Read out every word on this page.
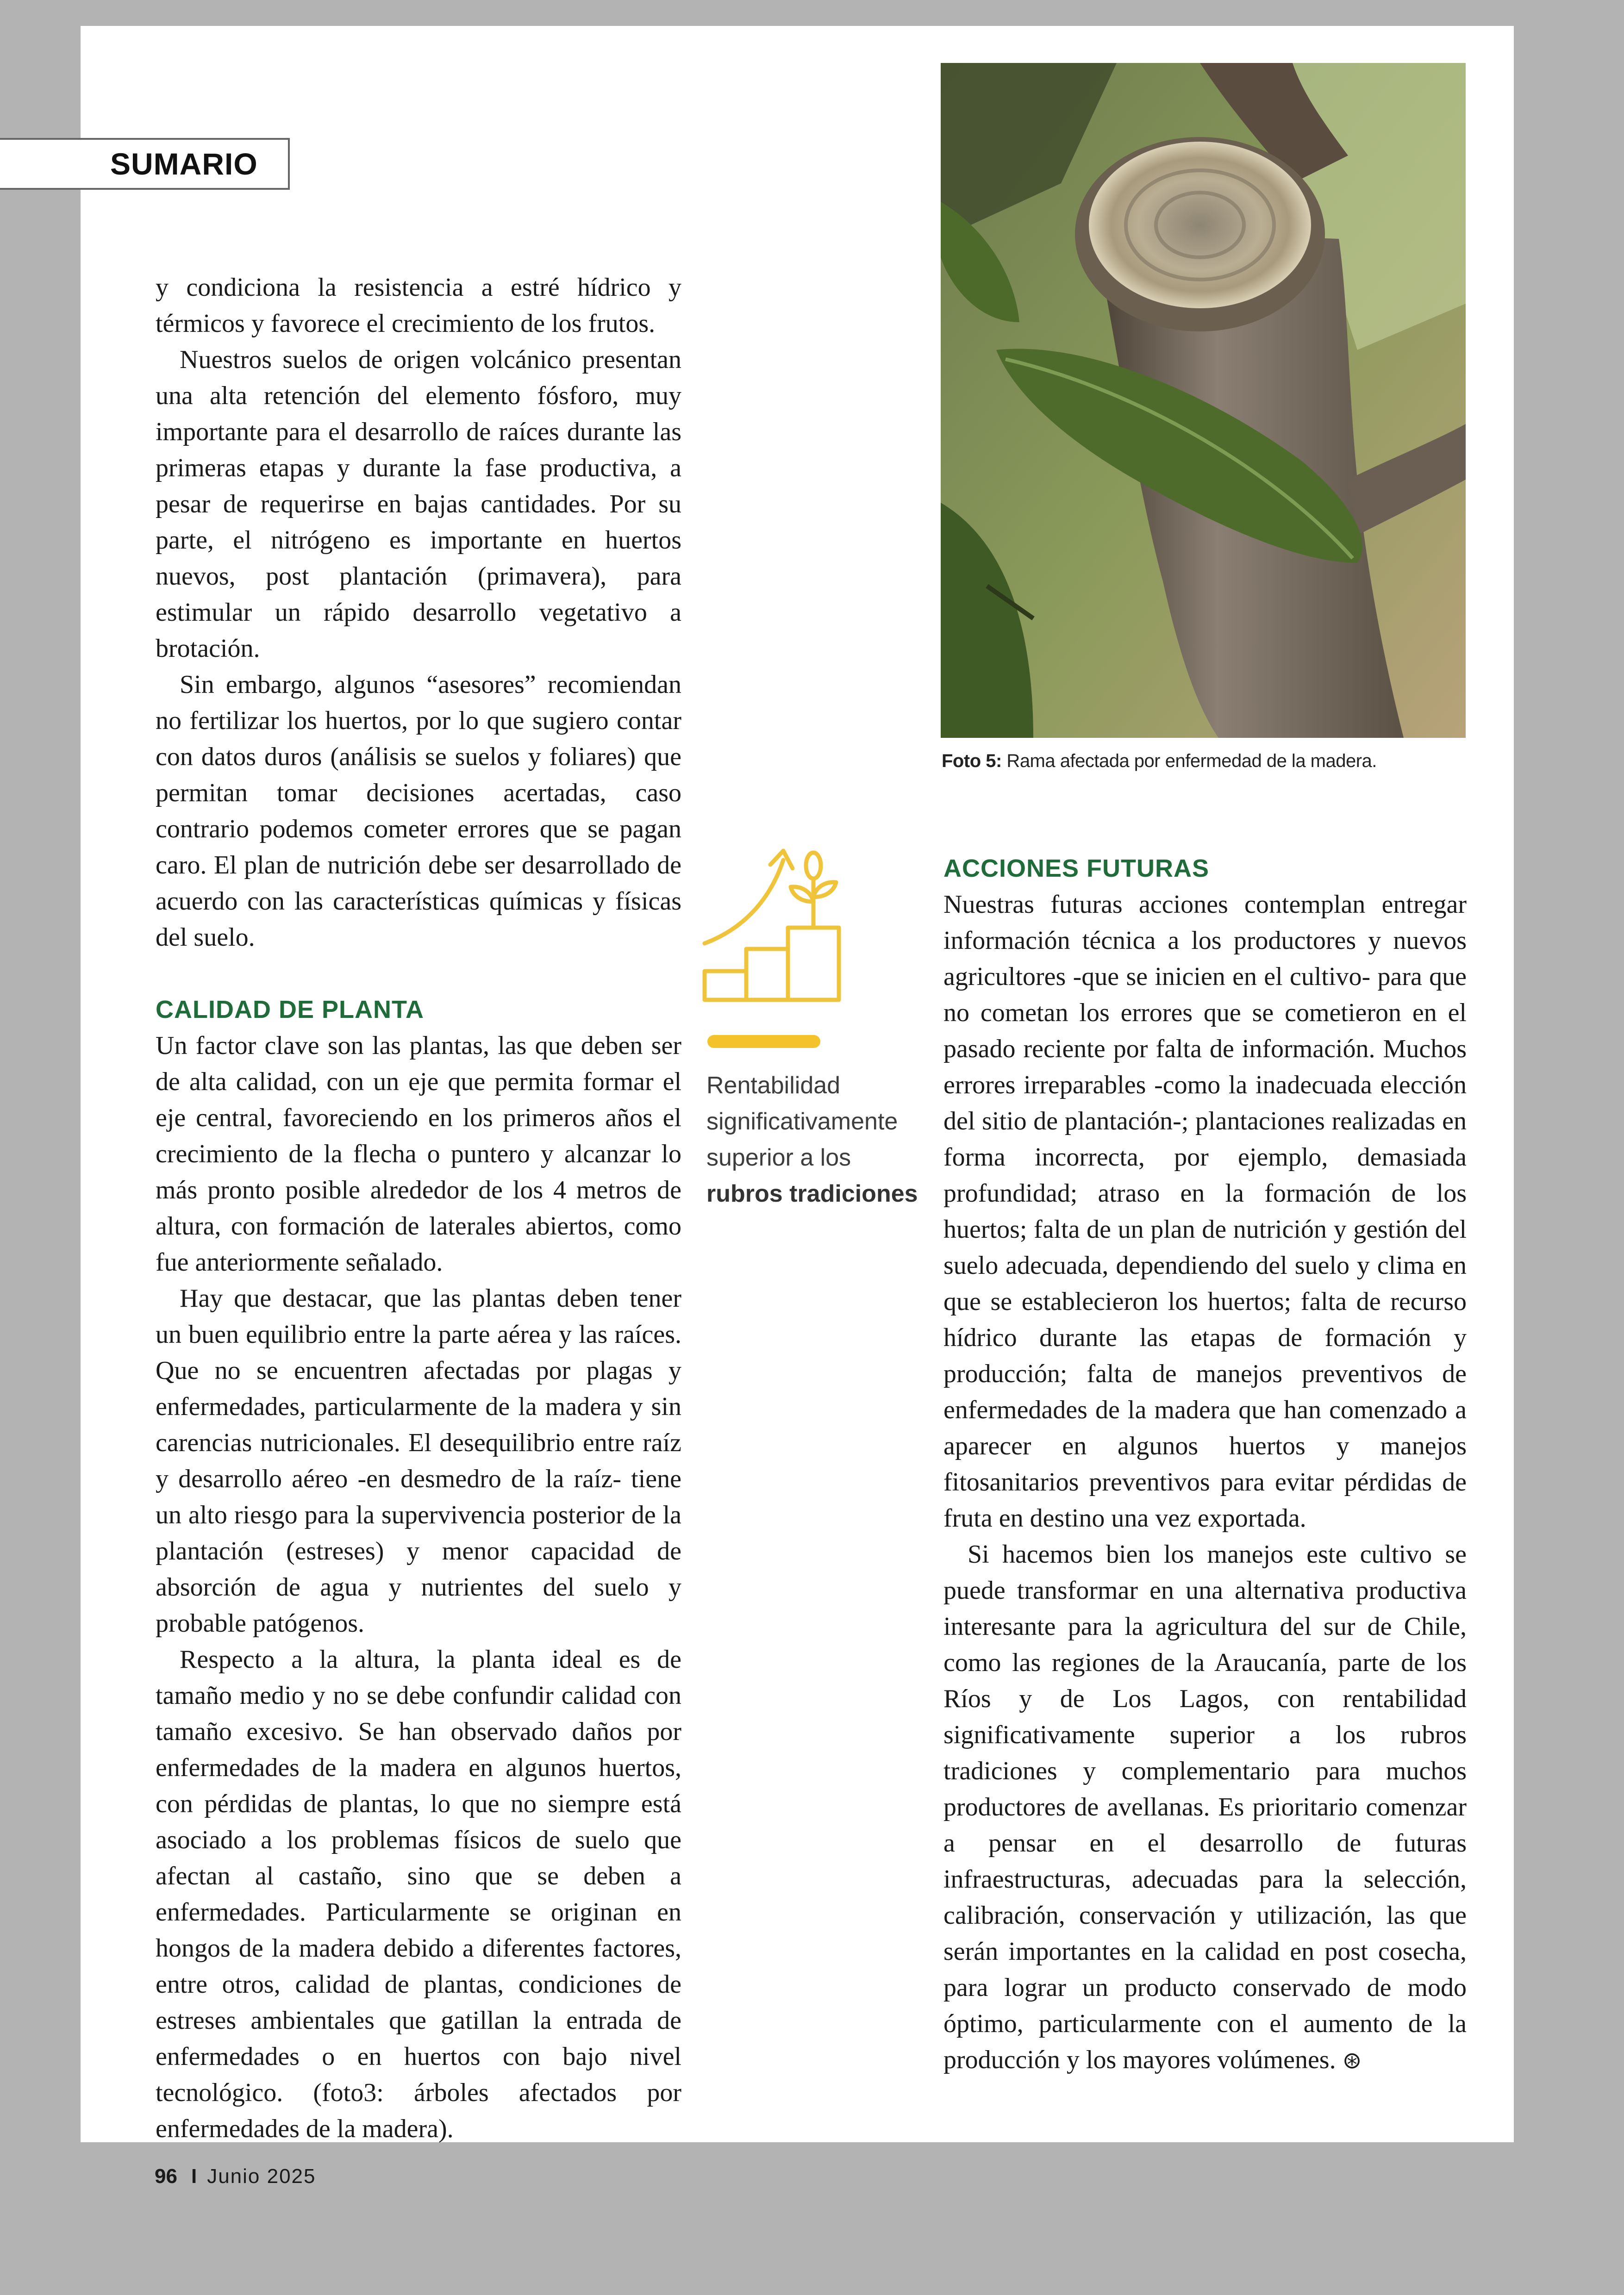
SUMARIO

y condiciona la resistencia a estré hídrico y térmicos y favorece el crecimiento de los frutos.

Nuestros suelos de origen volcánico presentan una alta retención del elemento fósforo, muy importante para el desarrollo de raíces durante las primeras etapas y durante la fase productiva, a pesar de requerirse en bajas cantidades. Por su parte, el nitrógeno es importante en huertos nuevos, post plantación (primavera), para estimular un rápido desarrollo vegetativo a brotación.

Sin embargo, algunos “asesores” recomiendan no fertilizar los huertos, por lo que sugiero contar con datos duros (análisis se suelos y foliares) que permitan tomar decisiones acertadas, caso contrario podemos cometer errores que se pagan caro. El plan de nutrición debe ser desarrollado de acuerdo con las características químicas y físicas del suelo.

CALIDAD DE PLANTA

Un factor clave son las plantas, las que deben ser de alta calidad, con un eje que permita formar el eje central, favoreciendo en los primeros años el crecimiento de la flecha o puntero y alcanzar lo más pronto posible alrededor de los 4 metros de altura, con formación de laterales abiertos, como fue anteriormente señalado.

Hay que destacar, que las plantas deben tener un buen equilibrio entre la parte aérea y las raíces. Que no se encuentren afectadas por plagas y enfermedades, particularmente de la madera y sin carencias nutricionales. El desequilibrio entre raíz y desarrollo aéreo -en desmedro de la raíz- tiene un alto riesgo para la supervivencia posterior de la plantación (estreses) y menor capacidad de absorción de agua y nutrientes del suelo y probable patógenos.

Respecto a la altura, la planta ideal es de tamaño medio y no se debe confundir calidad con tamaño excesivo. Se han observado daños por enfermedades de la madera en algunos huertos, con pérdidas de plantas, lo que no siempre está asociado a los problemas físicos de suelo que afectan al castaño, sino que se deben a enfermedades. Particularmente se originan en hongos de la madera debido a diferentes factores, entre otros, calidad de plantas, condiciones de estreses ambientales que gatillan la entrada de enfermedades o en huertos con bajo nivel tecnológico. (foto3: árboles afectados por enfermedades de la madera).

Foto 5: Rama afectada por enfermedad de la madera.
Rentabilidad
significativamente
superior a los
rubros tradiciones
ACCIONES FUTURAS

Nuestras futuras acciones contemplan entregar información técnica a los productores y nuevos agricultores -que se inicien en el cultivo- para que no cometan los errores que se cometieron en el pasado reciente por falta de información. Muchos errores irreparables -como la inadecuada elección del sitio de plantación-; plantaciones realizadas en forma incorrecta, por ejemplo, demasiada profundidad; atraso en la formación de los huertos; falta de un plan de nutrición y gestión del suelo adecuada, dependiendo del suelo y clima en que se establecieron los huertos; falta de recurso hídrico durante las etapas de formación y producción; falta de manejos preventivos de enfermedades de la madera que han comenzado a aparecer en algunos huertos y manejos fitosanitarios preventivos para evitar pérdidas de fruta en destino una vez exportada.

Si hacemos bien los manejos este cultivo se puede transformar en una alternativa productiva interesante para la agricultura del sur de Chile, como las regiones de la Araucanía, parte de los Ríos y de Los Lagos, con rentabilidad significativamente superior a los rubros tradiciones y complementario para muchos productores de avellanas. Es prioritario comenzar a pensar en el desarrollo de futuras infraestructuras, adecuadas para la selección, calibración, conservación y utilización, las que serán importantes en la calidad en post cosecha, para lograr un producto conservado de modo óptimo, particularmente con el aumento de la producción y los mayores volúmenes. ⊛

96 I Junio 2025
